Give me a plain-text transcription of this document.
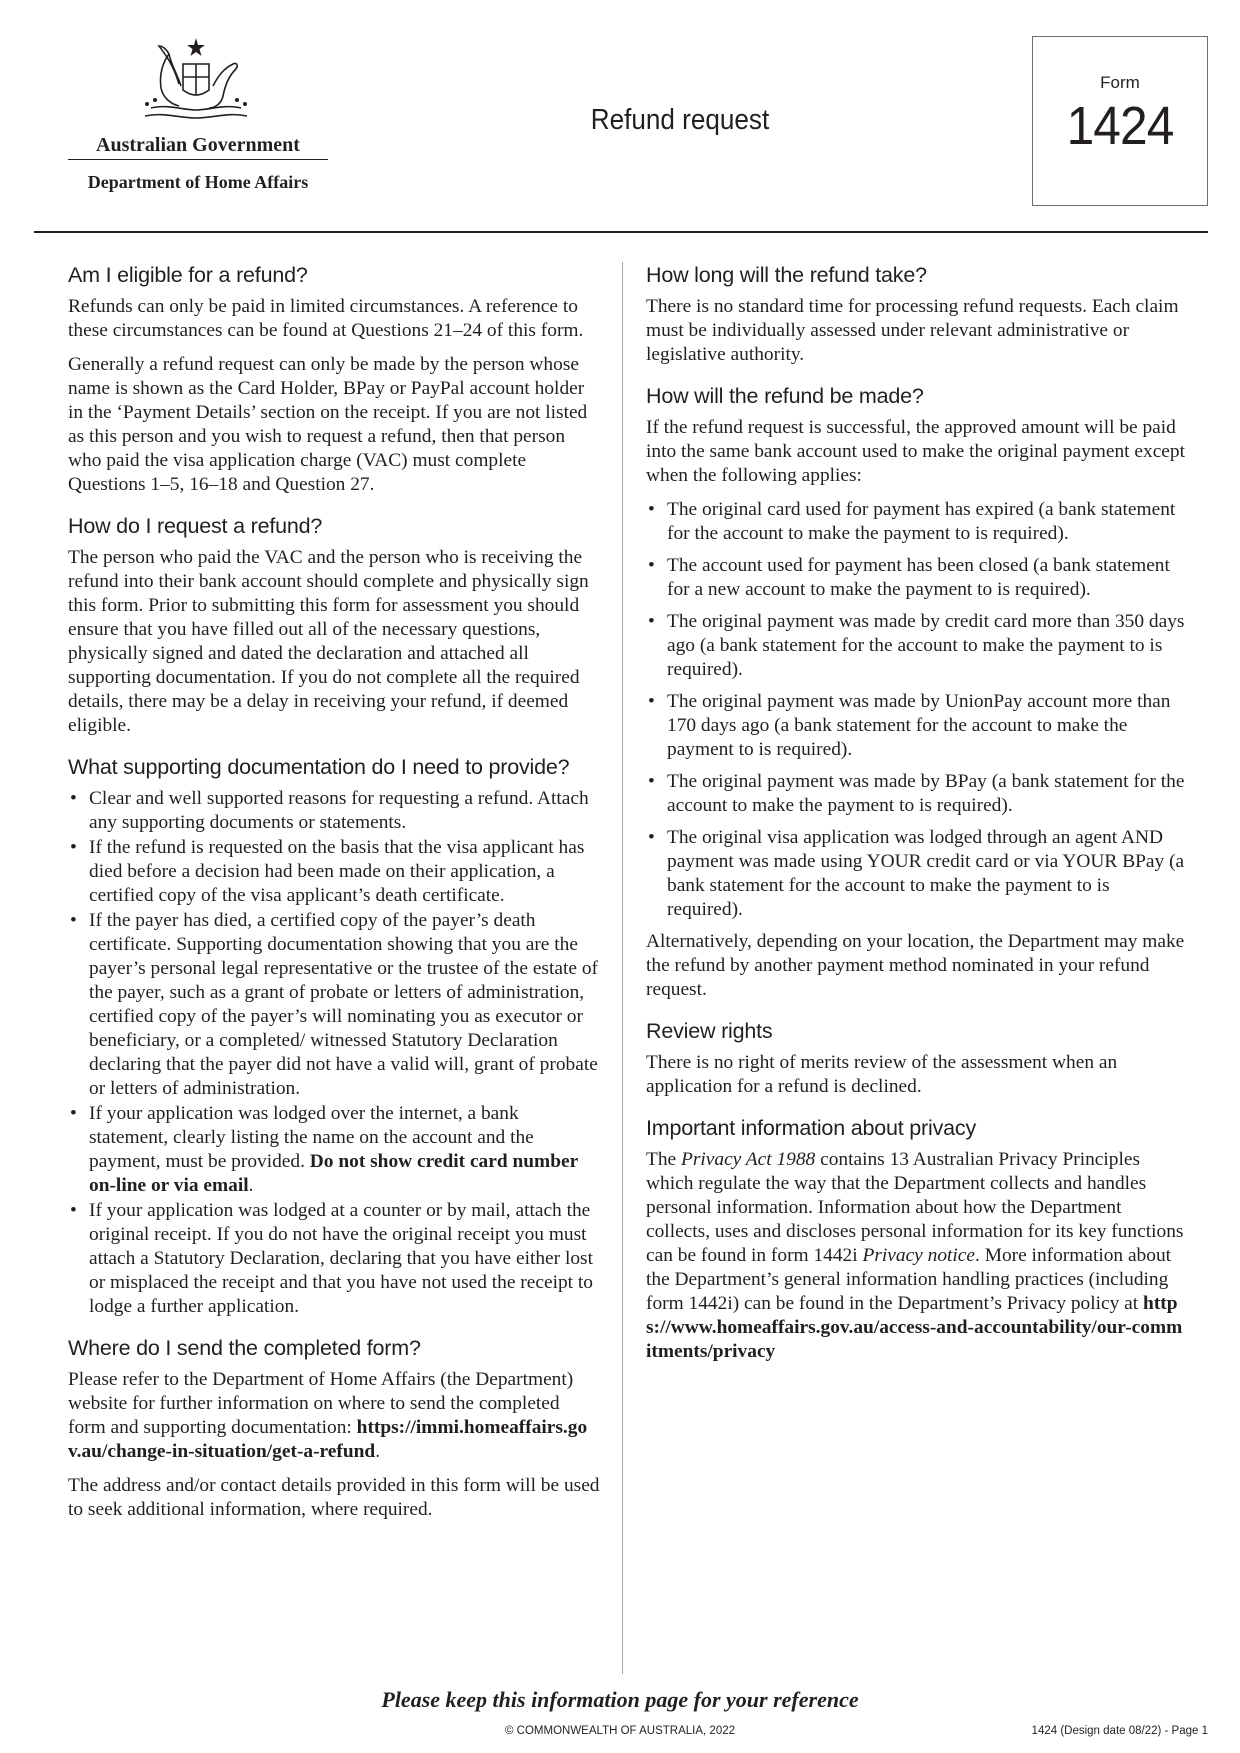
Australian Government
Department of Home Affairs
Refund request
Form
1424
Am I eligible for a refund?

Refunds can only be paid in limited circumstances. A reference to these circumstances can be found at Questions 21–24 of this form.

Generally a refund request can only be made by the person whose name is shown as the Card Holder, BPay or PayPal account holder in the ‘Payment Details’ section on the receipt. If you are not listed as this person and you wish to request a refund, then that person who paid the visa application charge (VAC) must complete Questions 1–5, 16–18 and Question 27.

How do I request a refund?

The person who paid the VAC and the person who is receiving the refund into their bank account should complete and physically sign this form. Prior to submitting this form for assessment you should ensure that you have filled out all of the necessary questions, physically signed and dated the declaration and attached all supporting documentation. If you do not complete all the required details, there may be a delay in receiving your refund, if deemed eligible.

What supporting documentation do I need to provide?
• Clear and well supported reasons for requesting a refund. Attach any supporting documents or statements.
• If the refund is requested on the basis that the visa applicant has died before a decision had been made on their application, a certified copy of the visa applicant’s death certificate.
• If the payer has died, a certified copy of the payer’s death certificate. Supporting documentation showing that you are the payer’s personal legal representative or the trustee of the estate of the payer, such as a grant of probate or letters of administration, certified copy of the payer’s will nominating you as executor or beneficiary, or a completed/ witnessed Statutory Declaration declaring that the payer did not have a valid will, grant of probate or letters of administration.
• If your application was lodged over the internet, a bank statement, clearly listing the name on the account and the payment, must be provided. Do not show credit card number on-line or via email.
• If your application was lodged at a counter or by mail, attach the original receipt. If you do not have the original receipt you must attach a Statutory Declaration, declaring that you have either lost or misplaced the receipt and that you have not used the receipt to lodge a further application.
Where do I send the completed form?

Please refer to the Department of Home Affairs (the Department) website for further information on where to send the completed form and supporting documentation: https://immi.homeaffairs.gov.au/change-in-situation/get-a-refund.

The address and/or contact details provided in this form will be used to seek additional information, where required.

How long will the refund take?

There is no standard time for processing refund requests. Each claim must be individually assessed under relevant administrative or legislative authority.

How will the refund be made?

If the refund request is successful, the approved amount will be paid into the same bank account used to make the original payment except when the following applies:

• The original card used for payment has expired (a bank statement for the account to make the payment to is required).
• The account used for payment has been closed (a bank statement for a new account to make the payment to is required).
• The original payment was made by credit card more than 350 days ago (a bank statement for the account to make the payment to is required).
• The original payment was made by UnionPay account more than 170 days ago (a bank statement for the account to make the payment to is required).
• The original payment was made by BPay (a bank statement for the account to make the payment to is required).
• The original visa application was lodged through an agent AND payment was made using YOUR credit card or via YOUR BPay (a bank statement for the account to make the payment to is required).

Alternatively, depending on your location, the Department may make the refund by another payment method nominated in your refund request.

Review rights

There is no right of merits review of the assessment when an application for a refund is declined.

Important information about privacy

The Privacy Act 1988 contains 13 Australian Privacy Principles which regulate the way that the Department collects and handles personal information. Information about how the Department collects, uses and discloses personal information for its key functions can be found in form 1442i Privacy notice. More information about the Department’s general information handling practices (including form 1442i) can be found in the Department’s Privacy policy at https://www.homeaffairs.gov.au/access-and-accountability/our-commitments/privacy

Please keep this information page for your reference
© COMMONWEALTH OF AUSTRALIA, 2022	1424 (Design date 08/22) - Page 1
